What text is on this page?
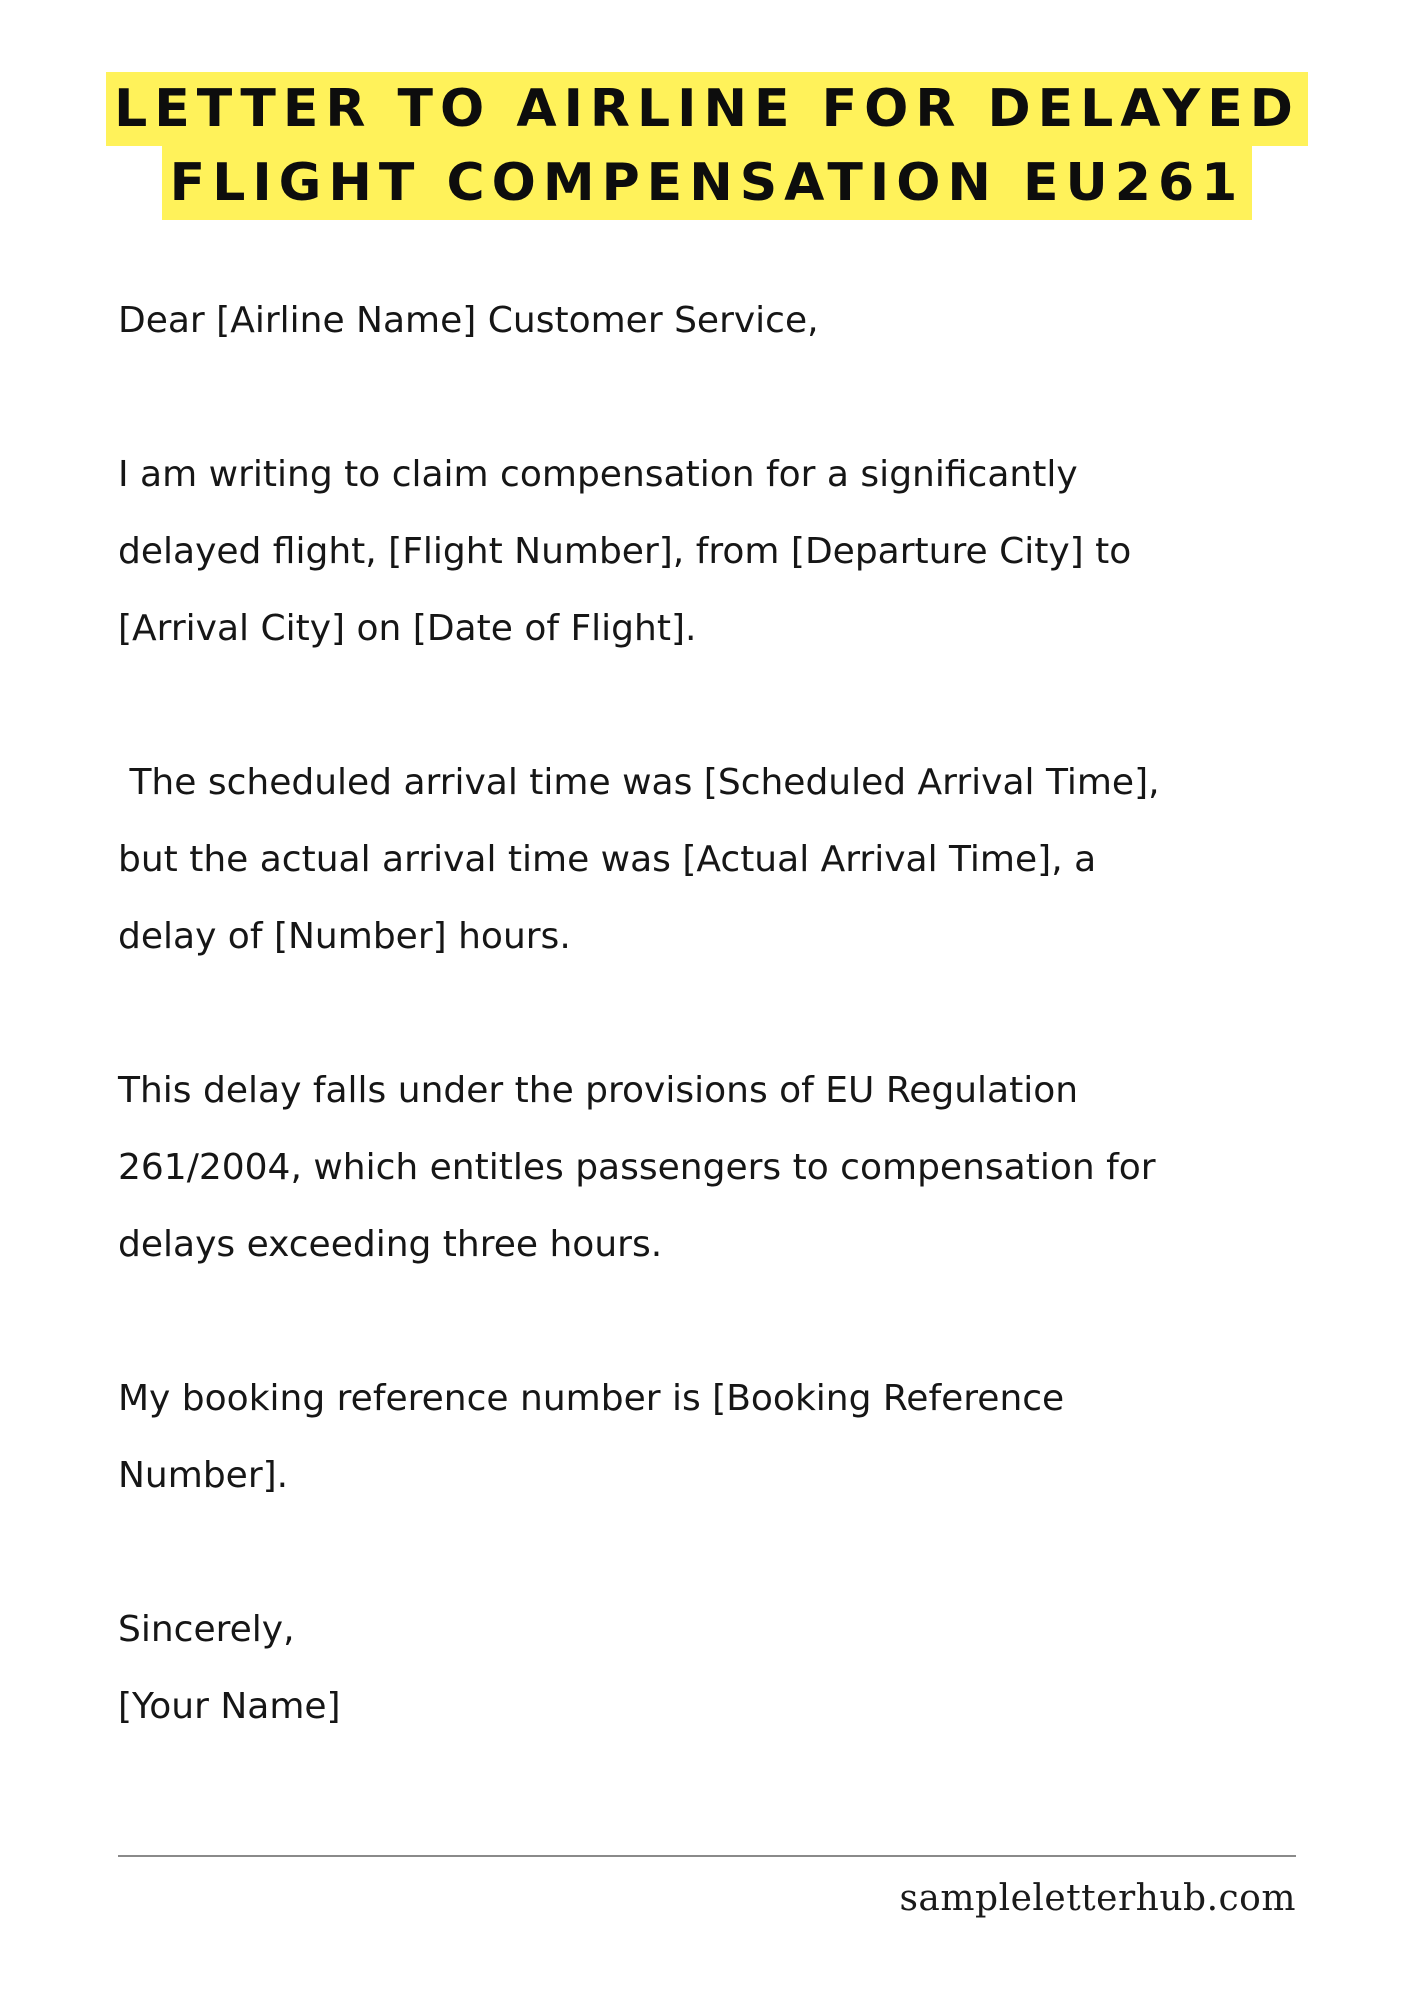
LETTER TO AIRLINE FOR DELAYED
FLIGHT COMPENSATION EU261

Dear [Airline Name] Customer Service,

I am writing to claim compensation for a significantly

delayed flight, [Flight Number], from [Departure City] to

[Arrival City] on [Date of Flight].

The scheduled arrival time was [Scheduled Arrival Time],

but the actual arrival time was [Actual Arrival Time], a

delay of [Number] hours.

This delay falls under the provisions of EU Regulation

261/2004, which entitles passengers to compensation for

delays exceeding three hours.

My booking reference number is [Booking Reference

Number].

Sincerely,

[Your Name]

sampleletterhub.com
